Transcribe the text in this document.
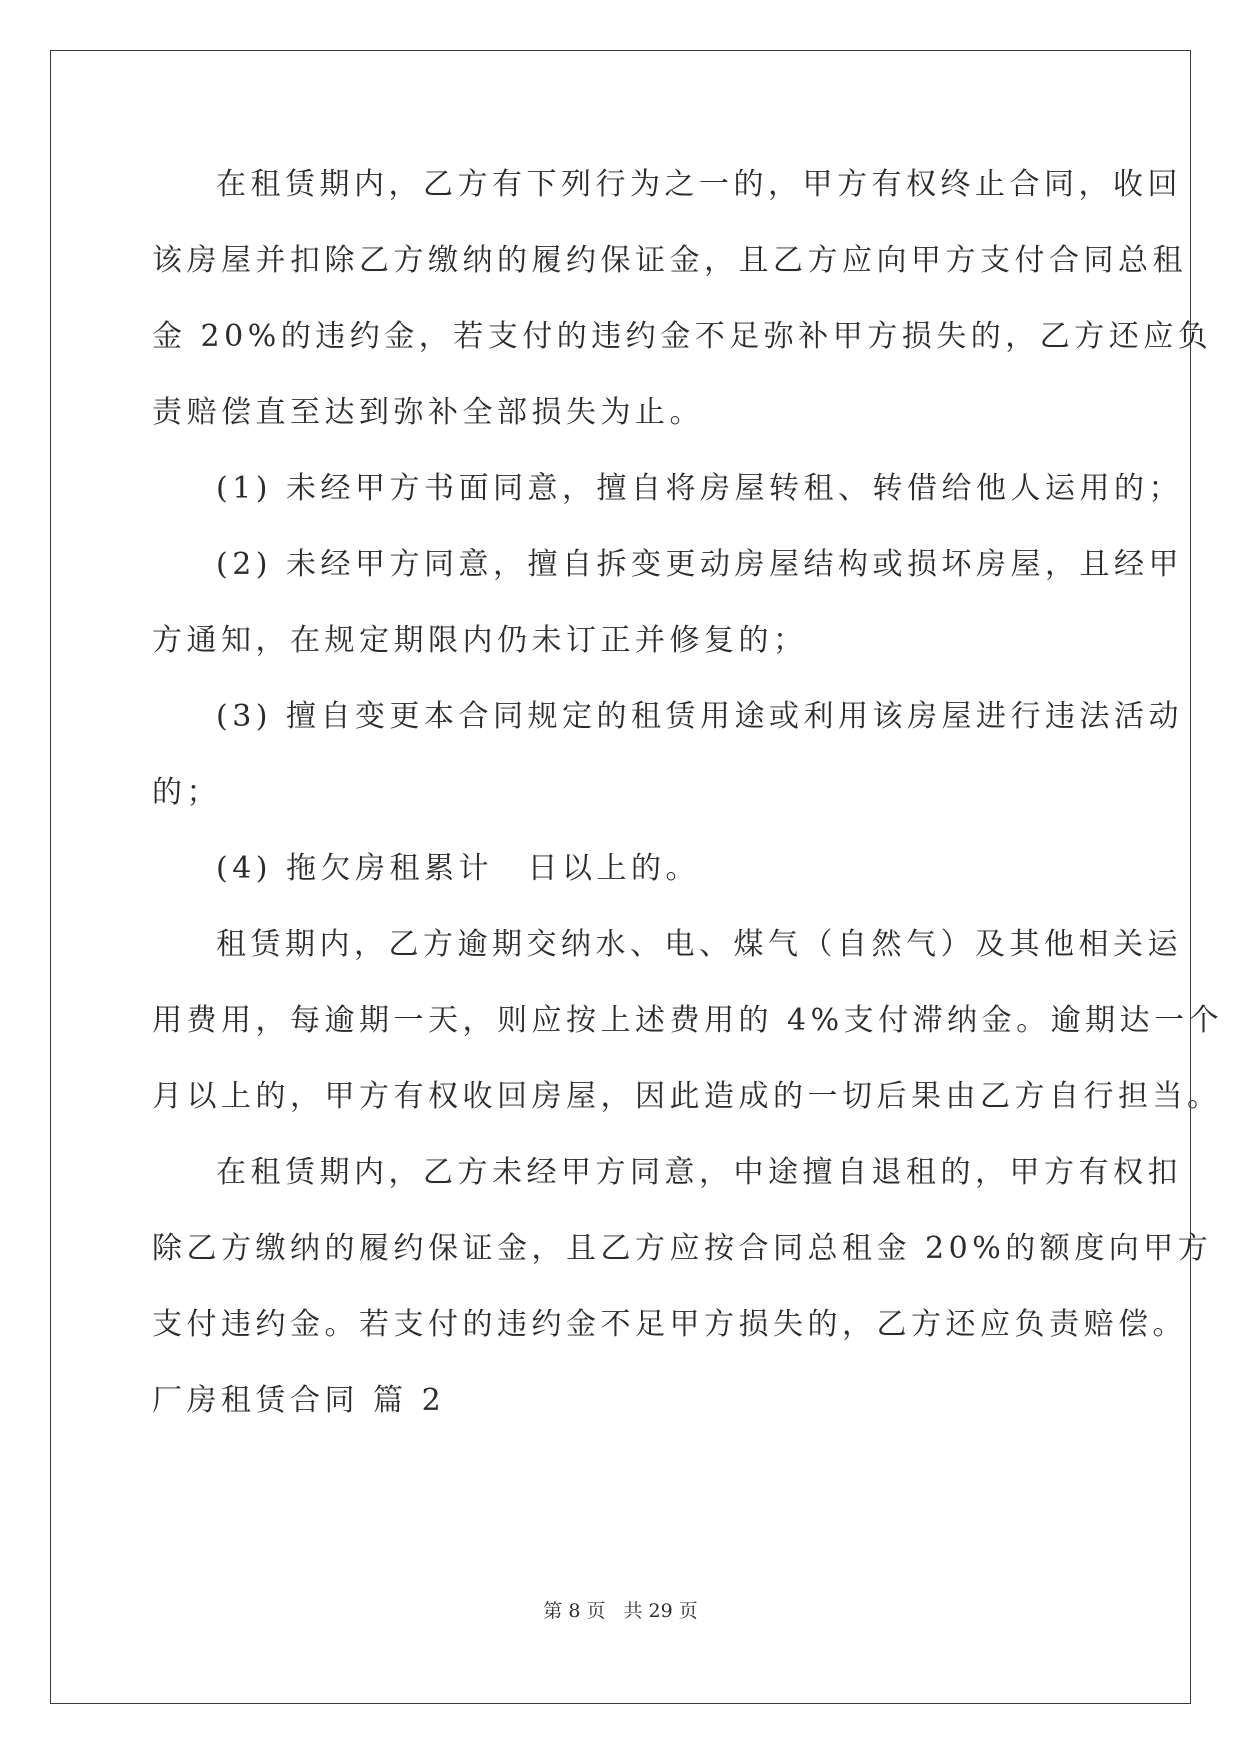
在租赁期内，乙方有下列行为之一的，甲方有权终止合同，收回

该房屋并扣除乙方缴纳的履约保证金，且乙方应向甲方支付合同总租

金 20%的违约金，若支付的违约金不足弥补甲方损失的，乙方还应负

责赔偿直至达到弥补全部损失为止。

(1) 未经甲方书面同意，擅自将房屋转租、转借给他人运用的；

(2) 未经甲方同意，擅自拆变更动房屋结构或损坏房屋，且经甲

方通知，在规定期限内仍未订正并修复的；

(3) 擅自变更本合同规定的租赁用途或利用该房屋进行违法活动

的；

(4) 拖欠房租累计　日以上的。

租赁期内，乙方逾期交纳水、电、煤气（自然气）及其他相关运

用费用，每逾期一天，则应按上述费用的 4%支付滞纳金。逾期达一个

月以上的，甲方有权收回房屋，因此造成的一切后果由乙方自行担当。

在租赁期内，乙方未经甲方同意，中途擅自退租的，甲方有权扣

除乙方缴纳的履约保证金，且乙方应按合同总租金 20%的额度向甲方

支付违约金。若支付的违约金不足甲方损失的，乙方还应负责赔偿。

厂房租赁合同 篇 2

第 8 页 共 29 页
